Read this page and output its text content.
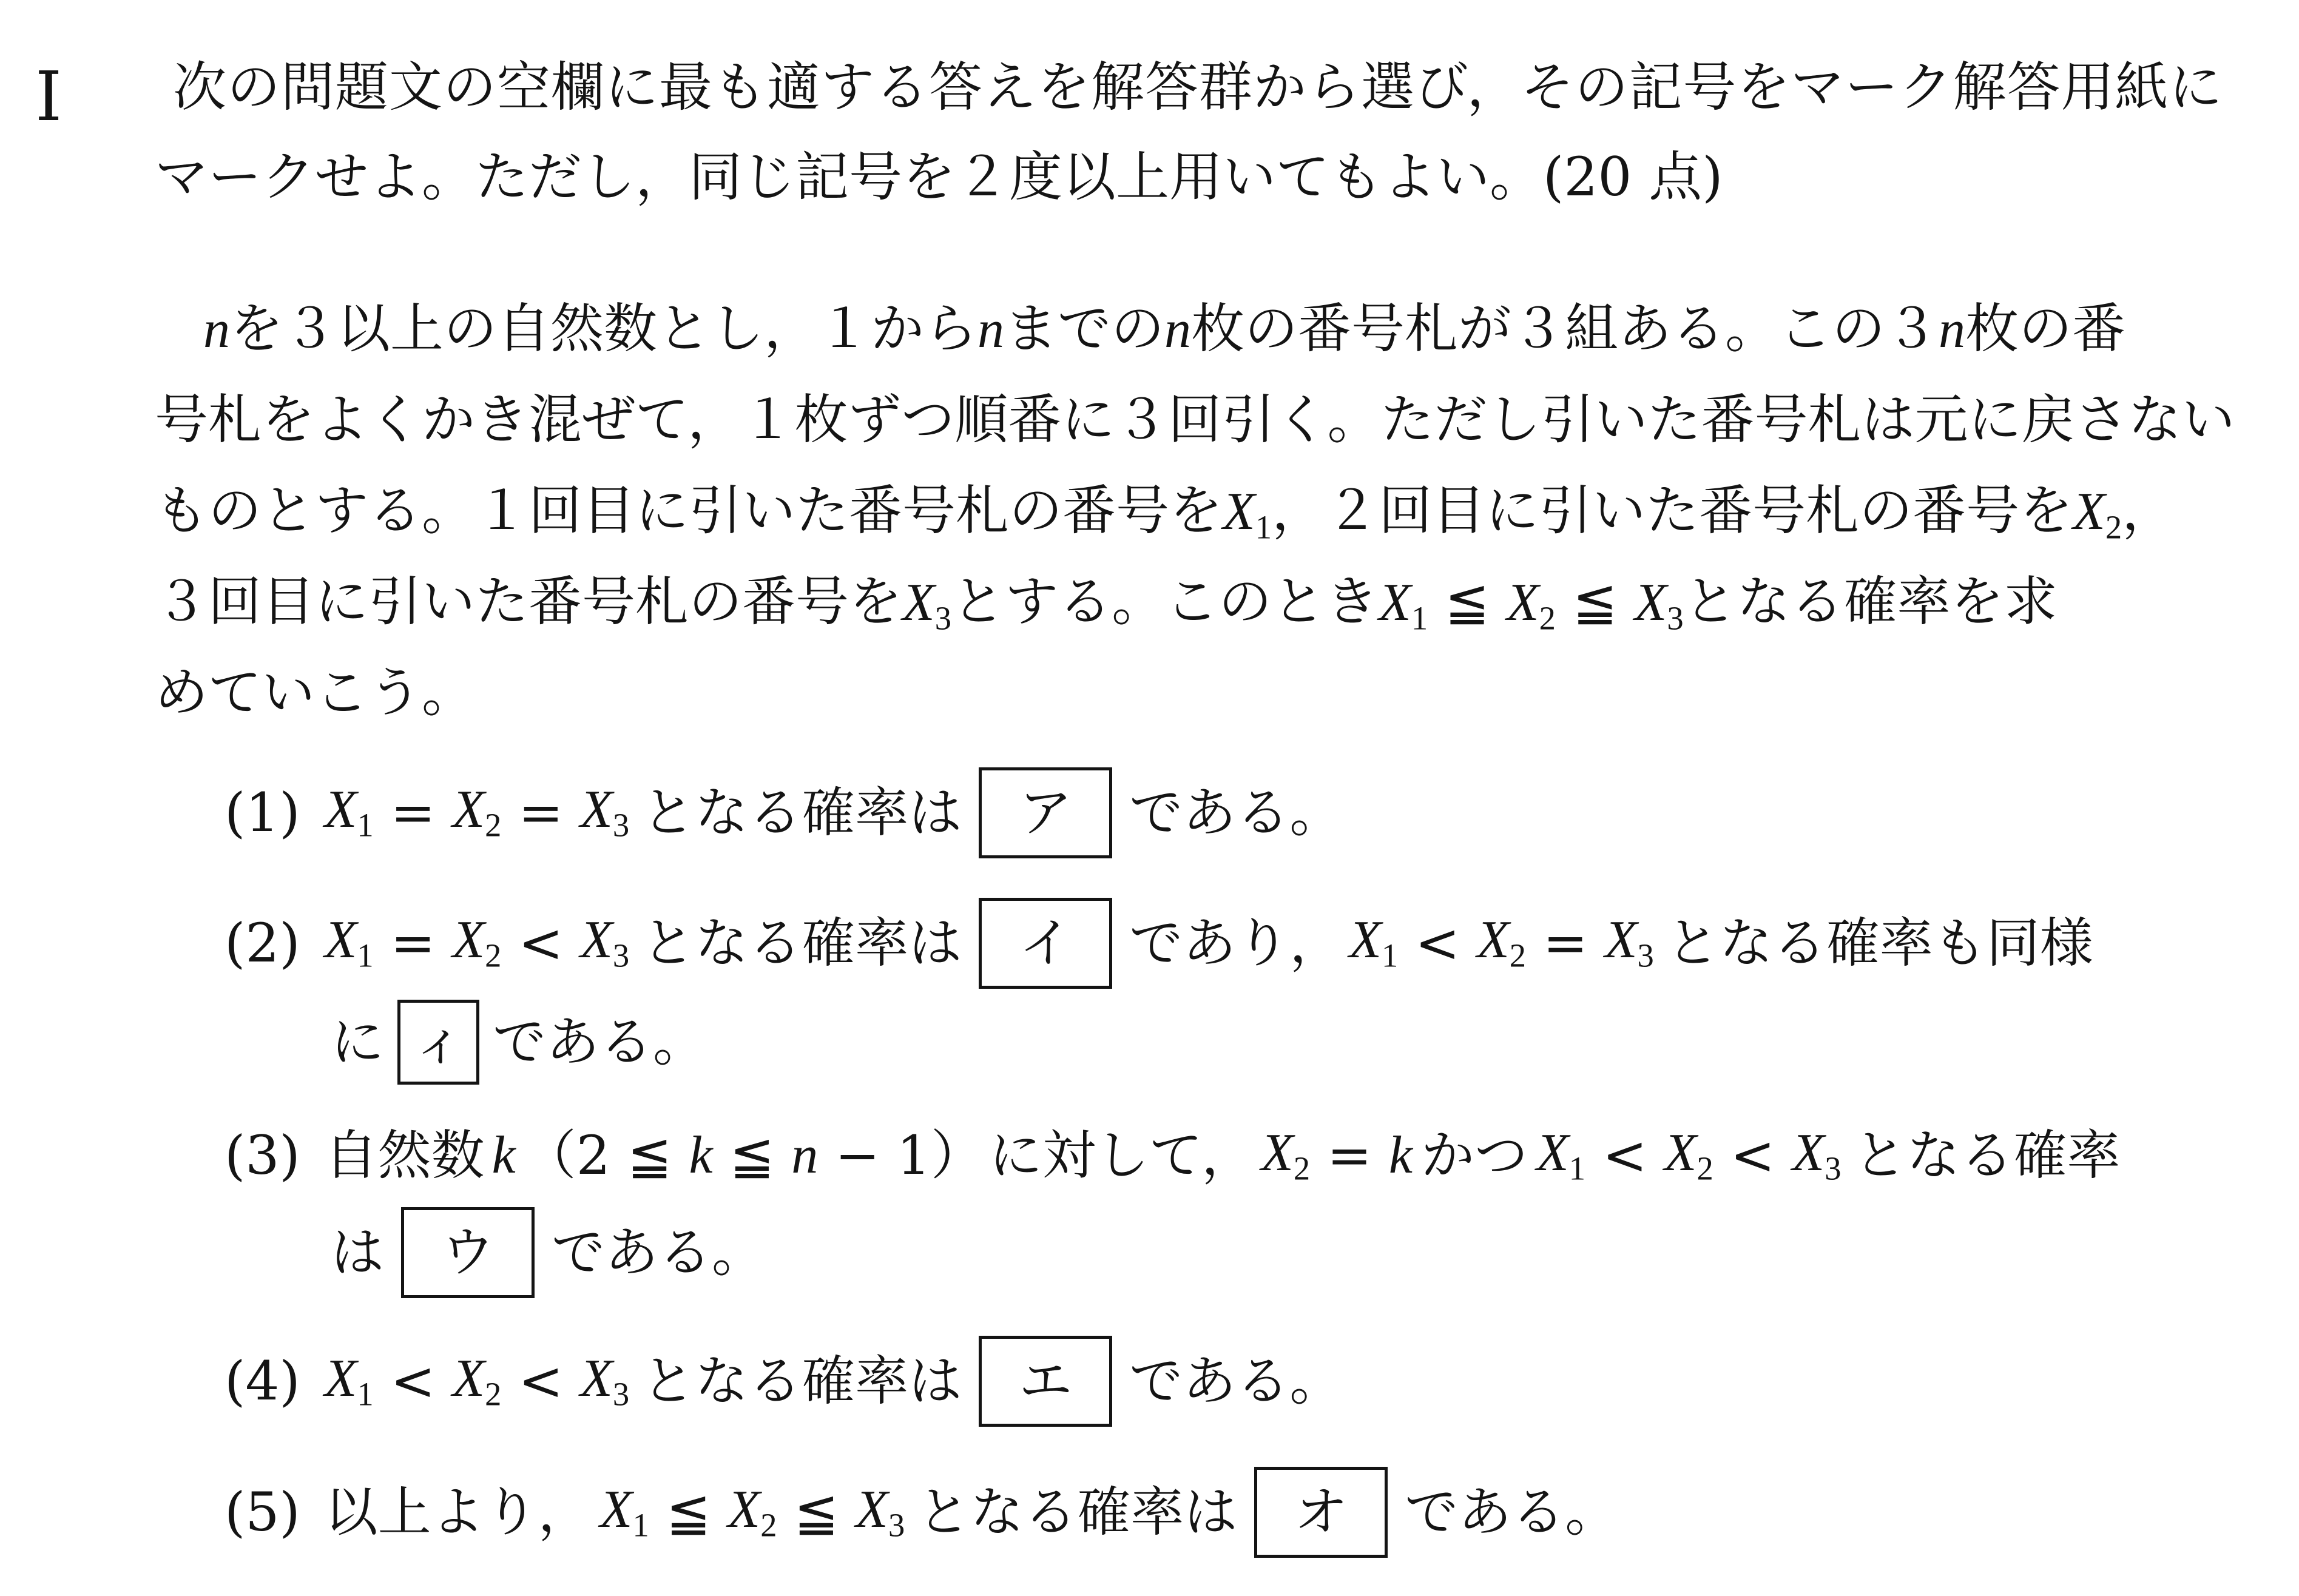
I 次の問題文の空欄に最も適する答えを解答群から選び，その記号をマーク解答用紙に
マークせよ。ただし，同じ記号を２度以上用いてもよい。(20 点)
nを３以上の自然数とし，１からnまでのn枚の番号札が３組ある。この３n枚の番
号札をよくかき混ぜて，１枚ずつ順番に３回引く。ただし引いた番号札は元に戻さない
ものとする。１回目に引いた番号札の番号を$X_1$，２回目に引いた番号札の番号を$X_2$，
３回目に引いた番号札の番号を$X_3$とする。このとき$X_1$ ≦ $X_2$ ≦ $X_3$となる確率を求
めていこう。
(1) $X_1$
=
$X_2$
=
$X_3$ となる確率は	ア	である。
(2) $X_1$
=
$X_2$
<
$X_3$ となる確率は	イ	であり， $X_1$
<
$X_2$
=
$X_3$ となる確率も同様
に ィ である。
(3) 自然数 k （2
≦
k
≦
n
− 1） に対して， $X_2$
=
k かつ $X_1$
<
$X_2$
<
$X_3$ となる確率
は	ウ	である。
(4) $X_1$
<
$X_2$
<
$X_3$ となる確率は	エ	である。
(5) 以上より， $X_1$
≦
$X_2$
≦
$X_3$ となる確率は	オ	である。
